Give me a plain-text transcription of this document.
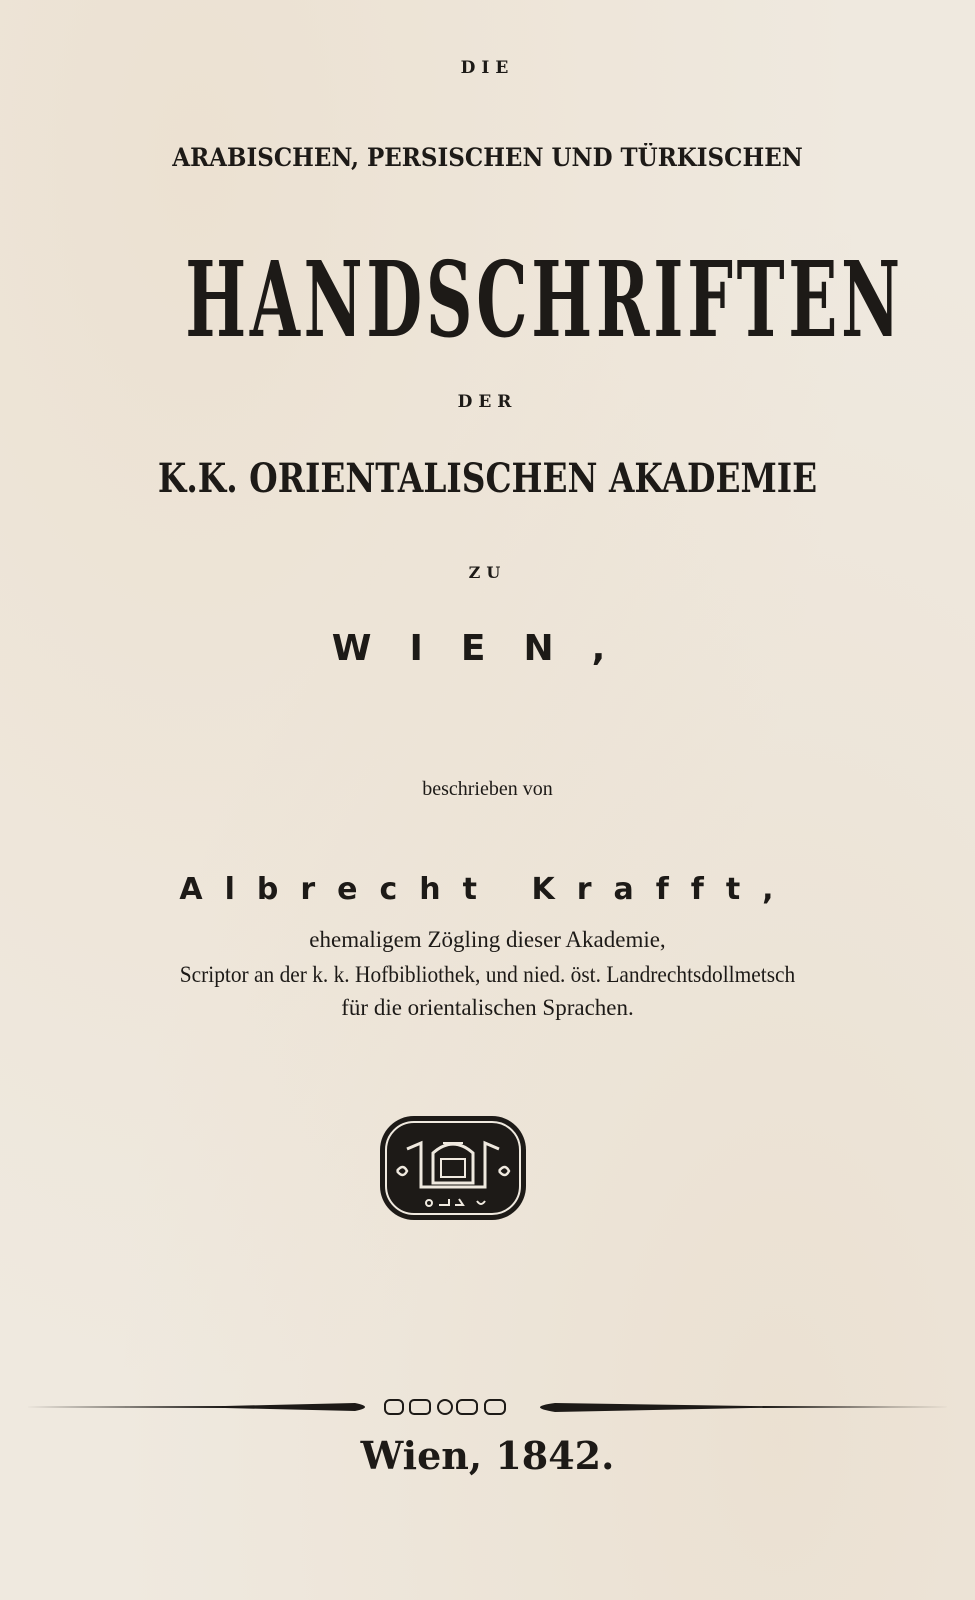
DIE
ARABISCHEN, PERSISCHEN UND TÜRKISCHEN
HANDSCHRIFTEN
DER
K.K. ORIENTALISCHEN AKADEMIE
ZU
WIEN,
beschrieben von
Albrecht Krafft,
ehemaligem Zögling dieser Akademie,
Scriptor an der k. k. Hofbibliothek, und nied. öst. Landrechtsdollmetsch
für die orientalischen Sprachen.
Wien, 1842.
